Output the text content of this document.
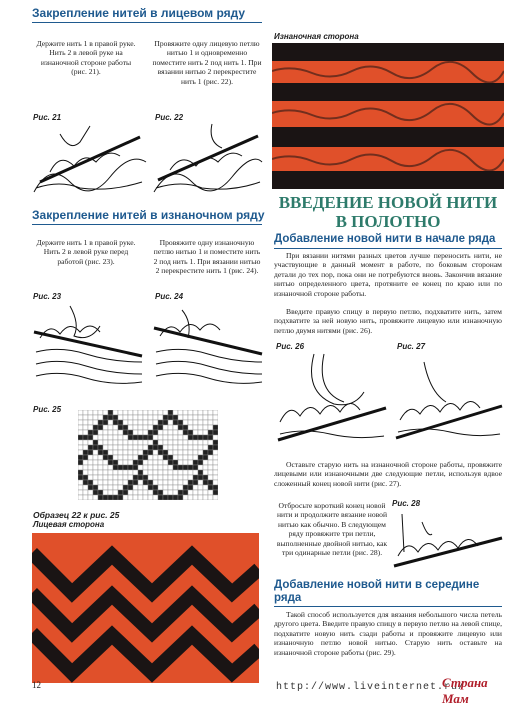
Закрепление нитей в лицевом ряду
Держите нить 1 в правой руке. Нить 2 в левой руке на изнаночной стороне работы (рис. 21).
Провяжите одну лицевую петлю нитью 1 и одновременно поместите нить 2 под нить 1. При вязании нитью 2 перекрестите нить 1 (рис. 22).
Рис. 21	Рис. 22
Закрепление нитей в изнаночном ряду
Держите нить 1 в правой руке. Нить 2 в левой руке перед работой (рис. 23).
Провяжите одну изнаночную петлю нитью 1 и поместите нить 2 под нить 1. При вязании нитью 2 перекрестите нить 1 (рис. 24).
Рис. 23	Рис. 24
Рис. 25
Образец 22 к рис. 25
Лицевая сторона
Изнаночная сторона
ВВЕДЕНИЕ НОВОЙ НИТИ
В ПОЛОТНО
Добавление новой нити в начале ряда
При вязании нитями разных цветов лучше переносить нити, не участвующие в данный момент в работе, по боковым сторонам детали до тех пор, пока они не потребуются вновь. Закончив вязание нитью определенного цвета, протяните ее конец по краю или по изнаночной стороне работы.
Введите правую спицу в первую петлю, подхватите нить, затем подхватите за ней новую нить, провяжите лицевую или изнаночную петлю двумя нитями (рис. 26).
Рис. 26	Рис. 27
Оставьте старую нить на изнаночной стороне работы, провяжите лицевыми или изнаночными две следующие петли, используя вдвое сложенный конец новой нити (рис. 27).
Отбросьте короткий конец новой нити и продолжите вязание новой нитью как обычно. В следующем ряду провяжите три петли, выполненные двойной нитью, как три одинарные петли (рис. 28).
Рис. 28
Добавление новой нити в середине ряда
Такой способ используется для вязания небольшого числа петель другого цвета. Введите правую спицу в первую петлю на левой спице, подхватите новую нить сзади работы и провяжите лицевую или изнаночную петлю новой нитью. Старую нить оставьте на изнаночной стороне работы (рис. 29).
12	http://www.liveinternet.ru/
Страна Мам
